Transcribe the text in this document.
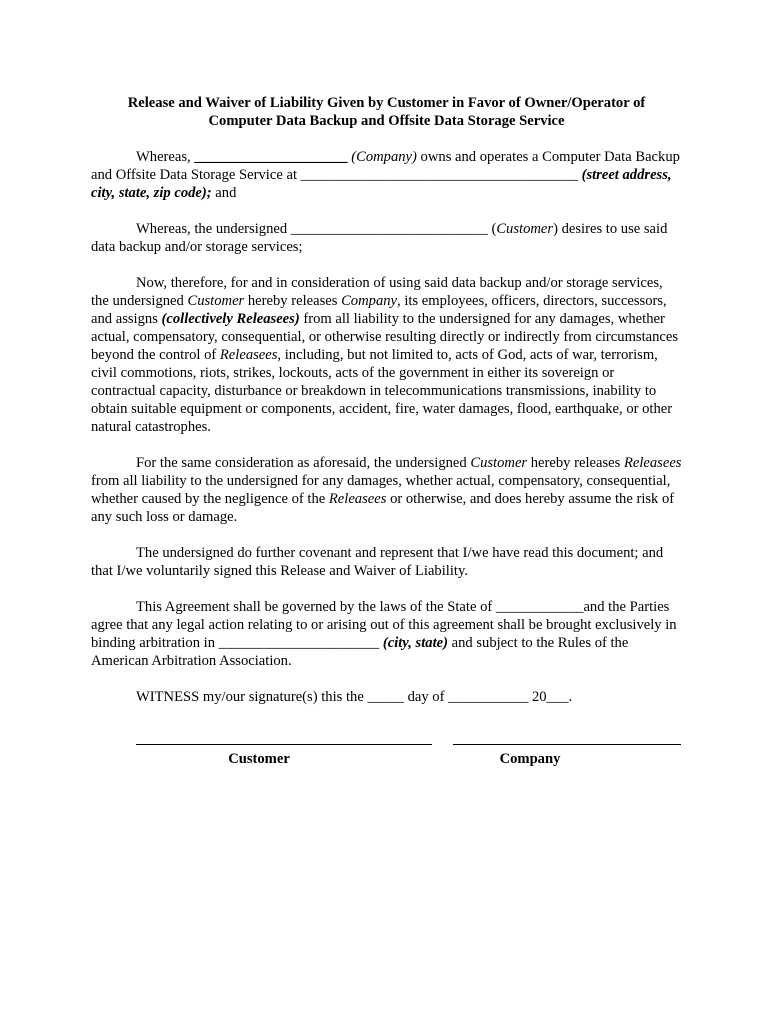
Release and Waiver of Liability Given by Customer in Favor of Owner/Operator of
Computer Data Backup and Offsite Data Storage Service

Whereas, _____________________ (Company) owns and operates a Computer Data Backup and Offsite Data Storage Service at ______________________________________ (street address, city, state, zip code); and

Whereas, the undersigned ___________________________ (Customer) desires to use said data backup and/or storage services;

Now, therefore, for and in consideration of using said data backup and/or storage services, the undersigned Customer hereby releases Company, its employees, officers, directors, successors, and assigns (collectively Releasees) from all liability to the undersigned for any damages, whether actual, compensatory, consequential, or otherwise resulting directly or indirectly from circumstances beyond the control of Releasees, including, but not limited to, acts of God, acts of war, terrorism, civil commotions, riots, strikes, lockouts, acts of the government in either its sovereign or contractual capacity, disturbance or breakdown in telecommunications transmissions, inability to obtain suitable equipment or components, accident, fire, water damages, flood, earthquake, or other natural catastrophes.

For the same consideration as aforesaid, the undersigned Customer hereby releases Releasees from all liability to the undersigned for any damages, whether actual, compensatory, consequential, whether caused by the negligence of the Releasees or otherwise, and does hereby assume the risk of any such loss or damage.

The undersigned do further covenant and represent that I/we have read this document; and that I/we voluntarily signed this Release and Waiver of Liability.

This Agreement shall be governed by the laws of the State of ____________and the Parties agree that any legal action relating to or arising out of this agreement shall be brought exclusively in binding arbitration in ______________________ (city, state) and subject to the Rules of the American Arbitration Association.

WITNESS my/our signature(s) this the _____ day of ___________ 20___.

Customer	Company
